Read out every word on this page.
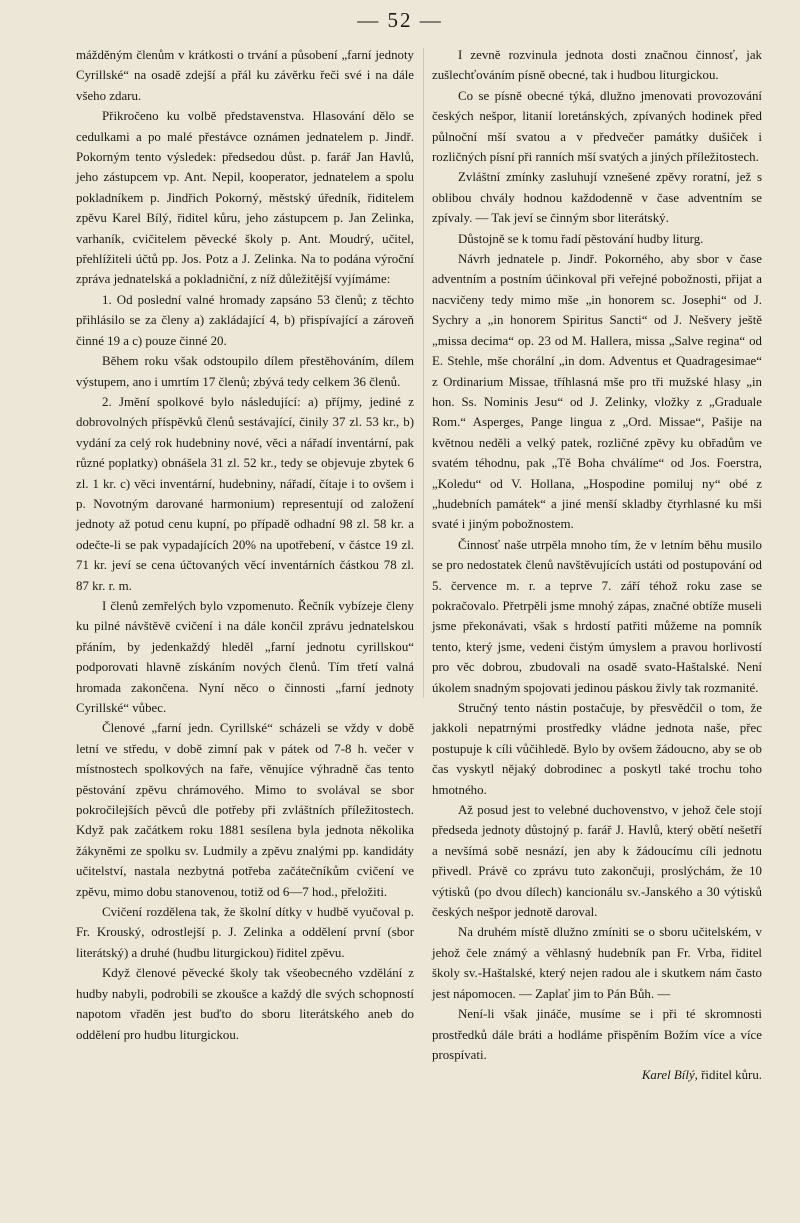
— 52 —

mážděným členům v krátkosti o trvání a působení „farní jednoty Cyrillské“ na osadě zdejší a přál ku závěrku řeči své i na dále všeho zdaru.

Přikročeno ku volbě představenstva. Hlasování dělo se cedulkami a po malé přestávce oznámen jednatelem p. Jindř. Pokorným tento výsledek: předsedou důst. p. farář Jan Havlů, jeho zástupcem vp. Ant. Nepil, kooperator, jednatelem a spolu pokladníkem p. Jindřich Pokorný, městský úředník, řiditelem zpěvu Karel Bílý, řiditel kůru, jeho zástupcem p. Jan Zelinka, varhaník, cvičitelem pěvecké školy p. Ant. Moudrý, učitel, přehlížiteli účtů pp. Jos. Potz a J. Zelinka. Na to podána výroční zpráva jednatelská a pokladniční, z níž důležitější vyjímáme:

1. Od poslední valné hromady zapsáno 53 členů; z těchto přihlásilo se za členy a) zakládající 4, b) přispívající a zároveň činné 19 a c) pouze činné 20.

Během roku však odstoupilo dílem přestěhováním, dílem výstupem, ano i umrtím 17 členů; zbývá tedy celkem 36 členů.

2. Jmění spolkové bylo následující: a) příjmy, jediné z dobrovolných příspěvků členů sestávající, činily 37 zl. 53 kr., b) vydání za celý rok hudebniny nové, věci a nářadí inventární, pak různé poplatky) obnášela 31 zl. 52 kr., tedy se objevuje zbytek 6 zl. 1 kr. c) věci inventární, hudebniny, nářadí, čítaje i to ovšem i p. Novotným darované harmonium) representují od založení jednoty až potud cenu kupní, po případě odhadní 98 zl. 58 kr. a odečte-li se pak vypadajících 20% na upotřebení, v částce 19 zl. 71 kr. jeví se cena účtovaných věcí inventárních částkou 78 zl. 87 kr. r. m.

I členů zemřelých bylo vzpomenuto. Řečník vybízeje členy ku pilné návštěvě cvičení i na dále končil zprávu jednatelskou přáním, by jedenkaždý hleděl „farní jednotu cyrillskou“ podporovati hlavně získáním nových členů. Tím třetí valná hromada zakončena. Nyní něco o činnosti „farní jednoty Cyrillské“ vůbec.

Členové „farní jedn. Cyrillské“ scházeli se vždy v době letní ve středu, v době zimní pak v pátek od 7-8 h. večer v místnostech spolkových na faře, věnujíce výhradně čas tento pěstování zpěvu chrámového. Mimo to svolával se sbor pokročilejších pěvců dle potřeby při zvláštních příležitostech. Když pak začátkem roku 1881 sesílena byla jednota několika žákyněmi ze spolku sv. Ludmily a zpěvu znalými pp. kandidáty učitelství, nastala nezbytná potřeba začátečníkům cvičení ve zpěvu, mimo dobu stanovenou, totiž od 6—7 hod., přeložiti.

Cvičení rozdělena tak, že školní dítky v hudbě vyučoval p. Fr. Krouský, odrostlejší p. J. Zelinka a oddělení první (sbor literátský) a druhé (hudbu liturgickou) řiditel zpěvu.

Když členové pěvecké školy tak všeobecného vzdělání z hudby nabyli, podrobili se zkoušce a každý dle svých schopností napotom vřaděn jest buďto do sboru literátského aneb do oddělení pro hudbu liturgickou.

I zevně rozvinula jednota dosti značnou činnosť, jak zušlechťováním písně obecné, tak i hudbou liturgickou.

Co se písně obecné týká, dlužno jmenovati provozování českých nešpor, litanií loretánských, zpívaných hodinek před půlnoční mší svatou a v předvečer památky dušiček i rozličných písní při ranních mší svatých a jiných příležitostech.

Zvláštní zmínky zasluhují vznešené zpěvy roratní, jež s oblibou chvály hodnou každodenně v čase adventním se zpívaly. — Tak jeví se činným sbor literátský.

Důstojně se k tomu řadí pěstování hudby liturg.

Návrh jednatele p. Jindř. Pokorného, aby sbor v čase adventním a postním účinkoval při veřejné pobožnosti, přijat a nacvičeny tedy mimo mše „in honorem sc. Josephi“ od J. Sychry a „in honorem Spiritus Sancti“ od J. Nešvery ještě „missa decima“ op. 23 od M. Hallera, missa „Salve regina“ od E. Stehle, mše chorální „in dom. Adventus et Quadragesimae“ z Ordinarium Missae, tříhlasná mše pro tři mužské hlasy „in hon. Ss. Nominis Jesu“ od J. Zelinky, vložky z „Graduale Rom.“ Asperges, Pange lingua z „Ord. Missae“, Pašije na květnou neděli a velký patek, rozličné zpěvy ku obřadům ve svatém téhodnu, pak „Tě Boha chválíme“ od Jos. Foerstra, „Koledu“ od V. Hollana, „Hospodine pomiluj ny“ obé z „hudebních památek“ a jiné menší skladby čtyrhlasné ku mši svaté i jiným pobožnostem.

Činnosť naše utrpěla mnoho tím, že v letním běhu musilo se pro nedostatek členů navštěvujících ustáti od postupování od 5. července m. r. a teprve 7. září téhož roku zase se pokračovalo. Přetrpěli jsme mnohý zápas, značné obtíže museli jsme překonávati, však s hrdostí patřiti můžeme na pomník tento, který jsme, vedeni čistým úmyslem a pravou horlivostí pro věc dobrou, zbudovali na osadě svato-Haštalské. Není úkolem snadným spojovati jedinou páskou živly tak rozmanité.

Stručný tento nástin postačuje, by přesvědčil o tom, že jakkoli nepatrnými prostředky vládne jednota naše, přec postupuje k cíli vůčihledě. Bylo by ovšem žádoucno, aby se ob čas vyskytl nějaký dobrodinec a poskytl také trochu toho hmotného.

Až posud jest to velebné duchovenstvo, v jehož čele stojí předseda jednoty důstojný p. farář J. Havlů, který obětí nešetří a nevšímá sobě nesnází, jen aby k žádoucímu cíli jednotu přivedl. Právě co zprávu tuto zakončuji, proslýchám, že 10 výtisků (po dvou dílech) kancionálu sv.-Janského a 30 výtisků českých nešpor jednotě daroval.

Na druhém místě dlužno zmíniti se o sboru učitelském, v jehož čele známý a věhlasný hudebník pan Fr. Vrba, řiditel školy sv.-Haštalské, který nejen radou ale i skutkem nám často jest nápomocen. — Zaplať jim to Pán Bůh. —

Není-li však jináče, musíme se i při té skromnosti prostředků dále bráti a hodláme přispěním Božím více a více prospívati.

Karel Bílý, řiditel kůru.
